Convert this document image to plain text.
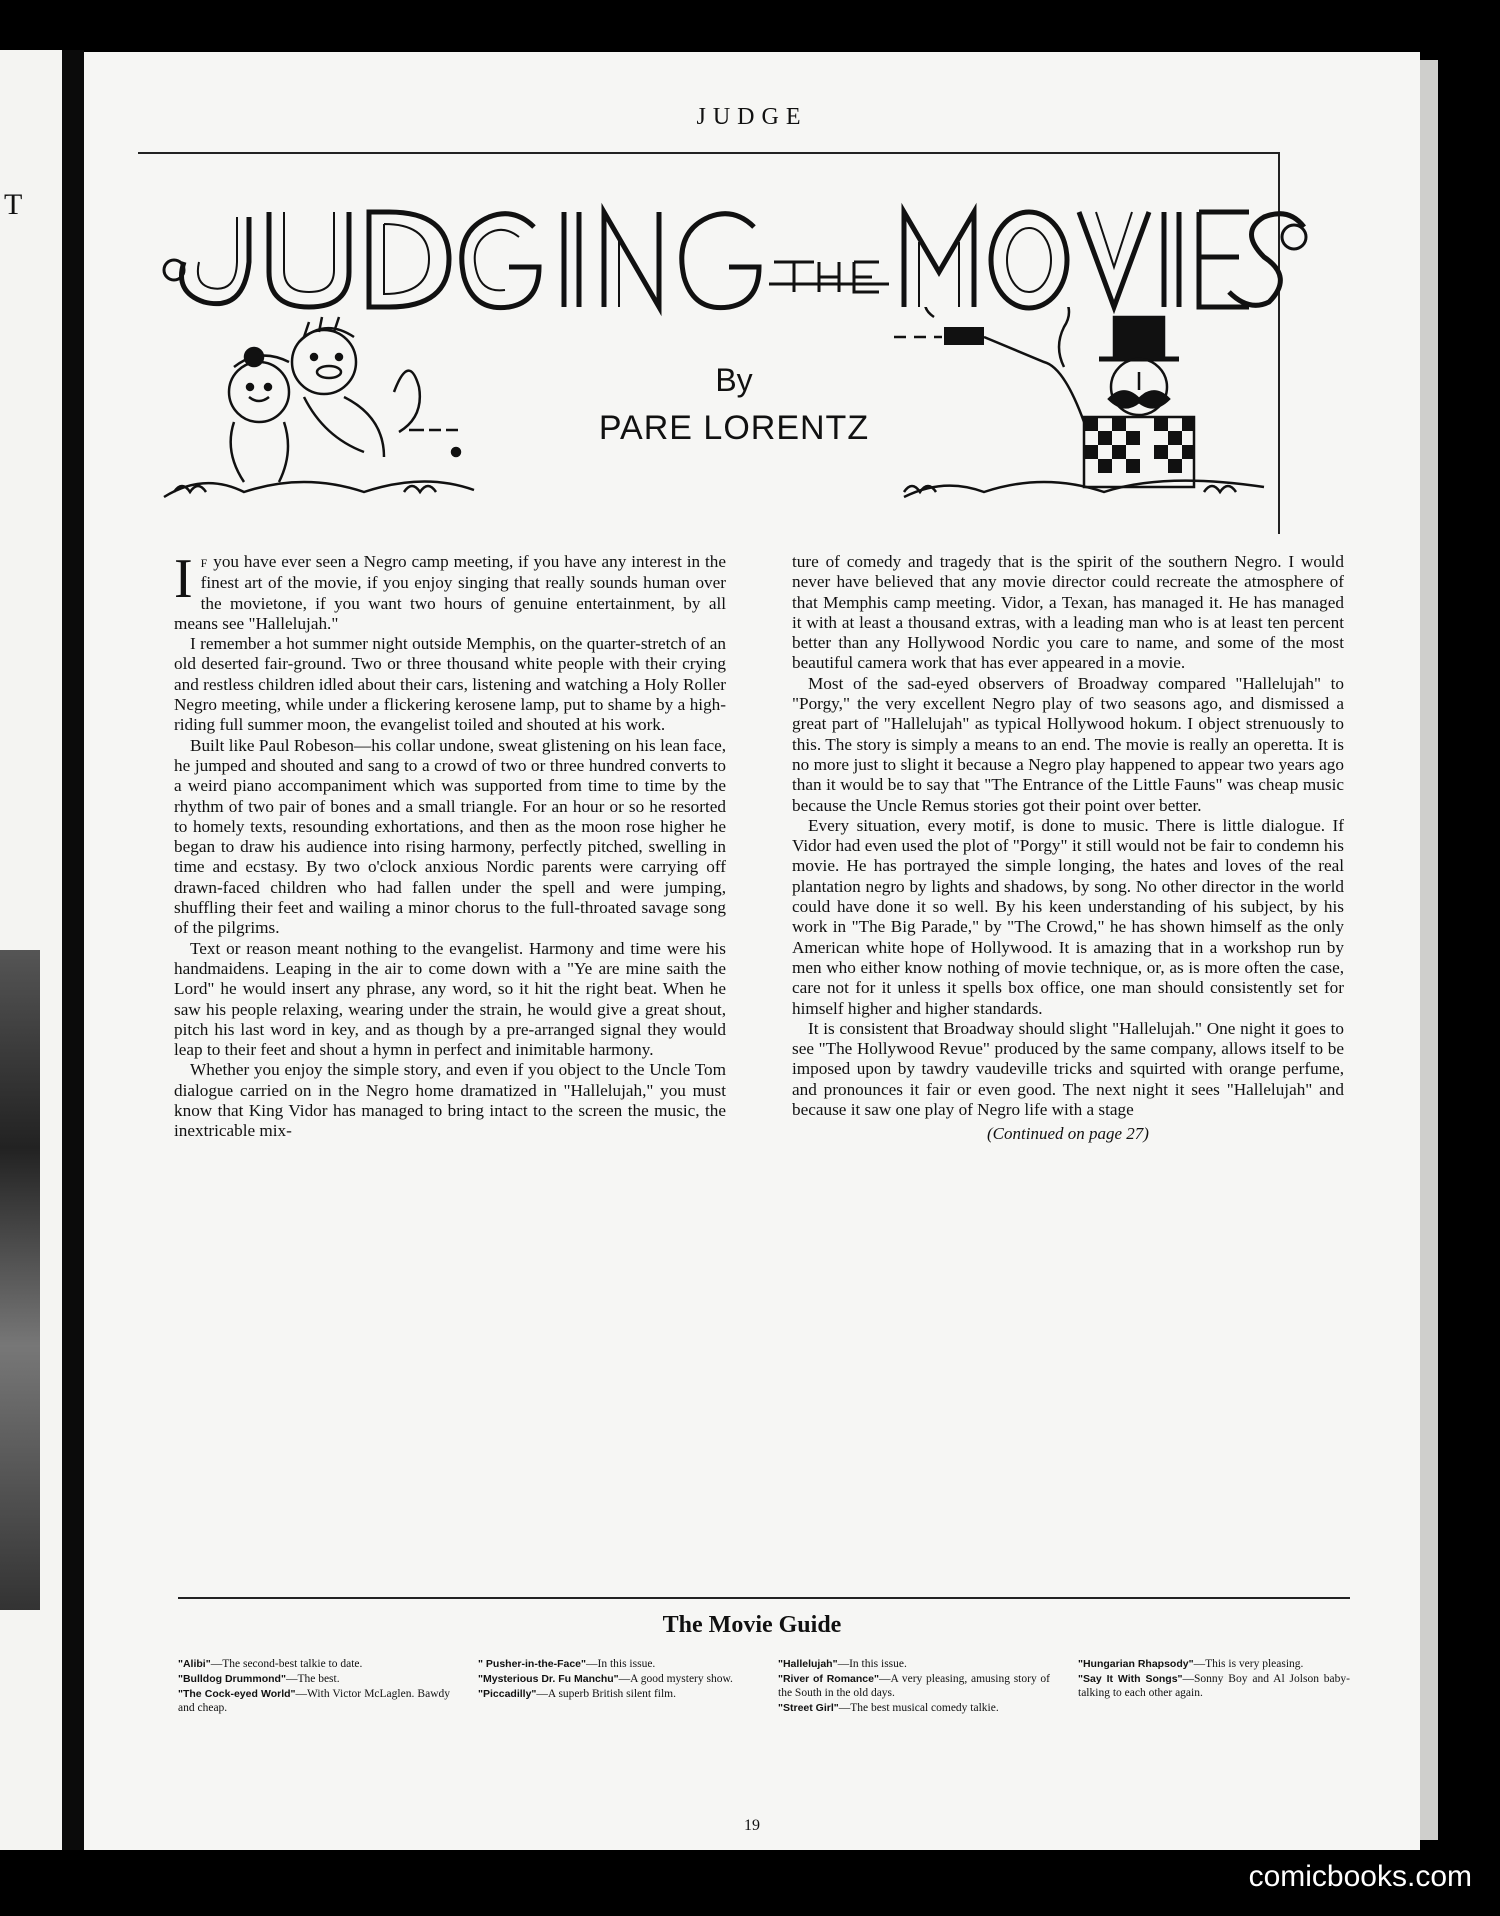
T
JUDGE
By
PARE LORENTZ

I F you have ever seen a Negro camp meeting, if you have any interest in the finest art of the movie, if you enjoy singing that really sounds human over the movietone, if you want two hours of genuine entertainment, by all means see "Hallelujah."

I remember a hot summer night outside Memphis, on the quarter-stretch of an old deserted fair-ground. Two or three thousand white people with their crying and restless children idled about their cars, listening and watching a Holy Roller Negro meeting, while under a flickering kerosene lamp, put to shame by a high-riding full summer moon, the evangelist toiled and shouted at his work.

Built like Paul Robeson—his collar undone, sweat glistening on his lean face, he jumped and shouted and sang to a crowd of two or three hundred converts to a weird piano accompaniment which was supported from time to time by the rhythm of two pair of bones and a small triangle. For an hour or so he resorted to homely texts, resounding exhortations, and then as the moon rose higher he began to draw his audience into rising harmony, perfectly pitched, swelling in time and ecstasy. By two o'clock anxious Nordic parents were carrying off drawn-faced children who had fallen under the spell and were jumping, shuffling their feet and wailing a minor chorus to the full-throated savage song of the pilgrims.

Text or reason meant nothing to the evangelist. Harmony and time were his handmaidens. Leaping in the air to come down with a "Ye are mine saith the Lord" he would insert any phrase, any word, so it hit the right beat. When he saw his people relaxing, wearing under the strain, he would give a great shout, pitch his last word in key, and as though by a pre-arranged signal they would leap to their feet and shout a hymn in perfect and inimitable harmony.

Whether you enjoy the simple story, and even if you object to the Uncle Tom dialogue carried on in the Negro home dramatized in "Hallelujah," you must know that King Vidor has managed to bring intact to the screen the music, the inextricable mix-

ture of comedy and tragedy that is the spirit of the southern Negro. I would never have believed that any movie director could recreate the atmosphere of that Memphis camp meeting. Vidor, a Texan, has managed it. He has managed it with at least a thousand extras, with a leading man who is at least ten percent better than any Hollywood Nordic you care to name, and some of the most beautiful camera work that has ever appeared in a movie.

Most of the sad-eyed observers of Broadway compared "Hallelujah" to "Porgy," the very excellent Negro play of two seasons ago, and dismissed a great part of "Hallelujah" as typical Hollywood hokum. I object strenuously to this. The story is simply a means to an end. The movie is really an operetta. It is no more just to slight it because a Negro play happened to appear two years ago than it would be to say that "The Entrance of the Little Fauns" was cheap music because the Uncle Remus stories got their point over better.

Every situation, every motif, is done to music. There is little dialogue. If Vidor had even used the plot of "Porgy" it still would not be fair to condemn his movie. He has portrayed the simple longing, the hates and loves of the real plantation negro by lights and shadows, by song. No other director in the world could have done it so well. By his keen understanding of his subject, by his work in "The Big Parade," by "The Crowd," he has shown himself as the only American white hope of Hollywood. It is amazing that in a workshop run by men who either know nothing of movie technique, or, as is more often the case, care not for it unless it spells box office, one man should consistently set for himself higher and higher standards.

It is consistent that Broadway should slight "Hallelujah." One night it goes to see "The Hollywood Revue" produced by the same company, allows itself to be imposed upon by tawdry vaudeville tricks and squirted with orange perfume, and pronounces it fair or even good. The next night it sees "Hallelujah" and because it saw one play of Negro life with a stage

(Continued on page 27)
The Movie Guide
"Alibi"—The second-best talkie to date.
"Bulldog Drummond"—The best.
"The Cock-eyed World"—With Victor McLaglen. Bawdy and cheap.
" Pusher-in-the-Face"—In this issue.
"Mysterious Dr. Fu Manchu"—A good mystery show.
"Piccadilly"—A superb British silent film.
"Hallelujah"—In this issue.
"River of Romance"—A very pleasing, amusing story of the South in the old days.
"Street Girl"—The best musical comedy talkie.
"Hungarian Rhapsody"—This is very pleasing.
"Say It With Songs"—Sonny Boy and Al Jolson baby-talking to each other again.
19
comicbooks.com
